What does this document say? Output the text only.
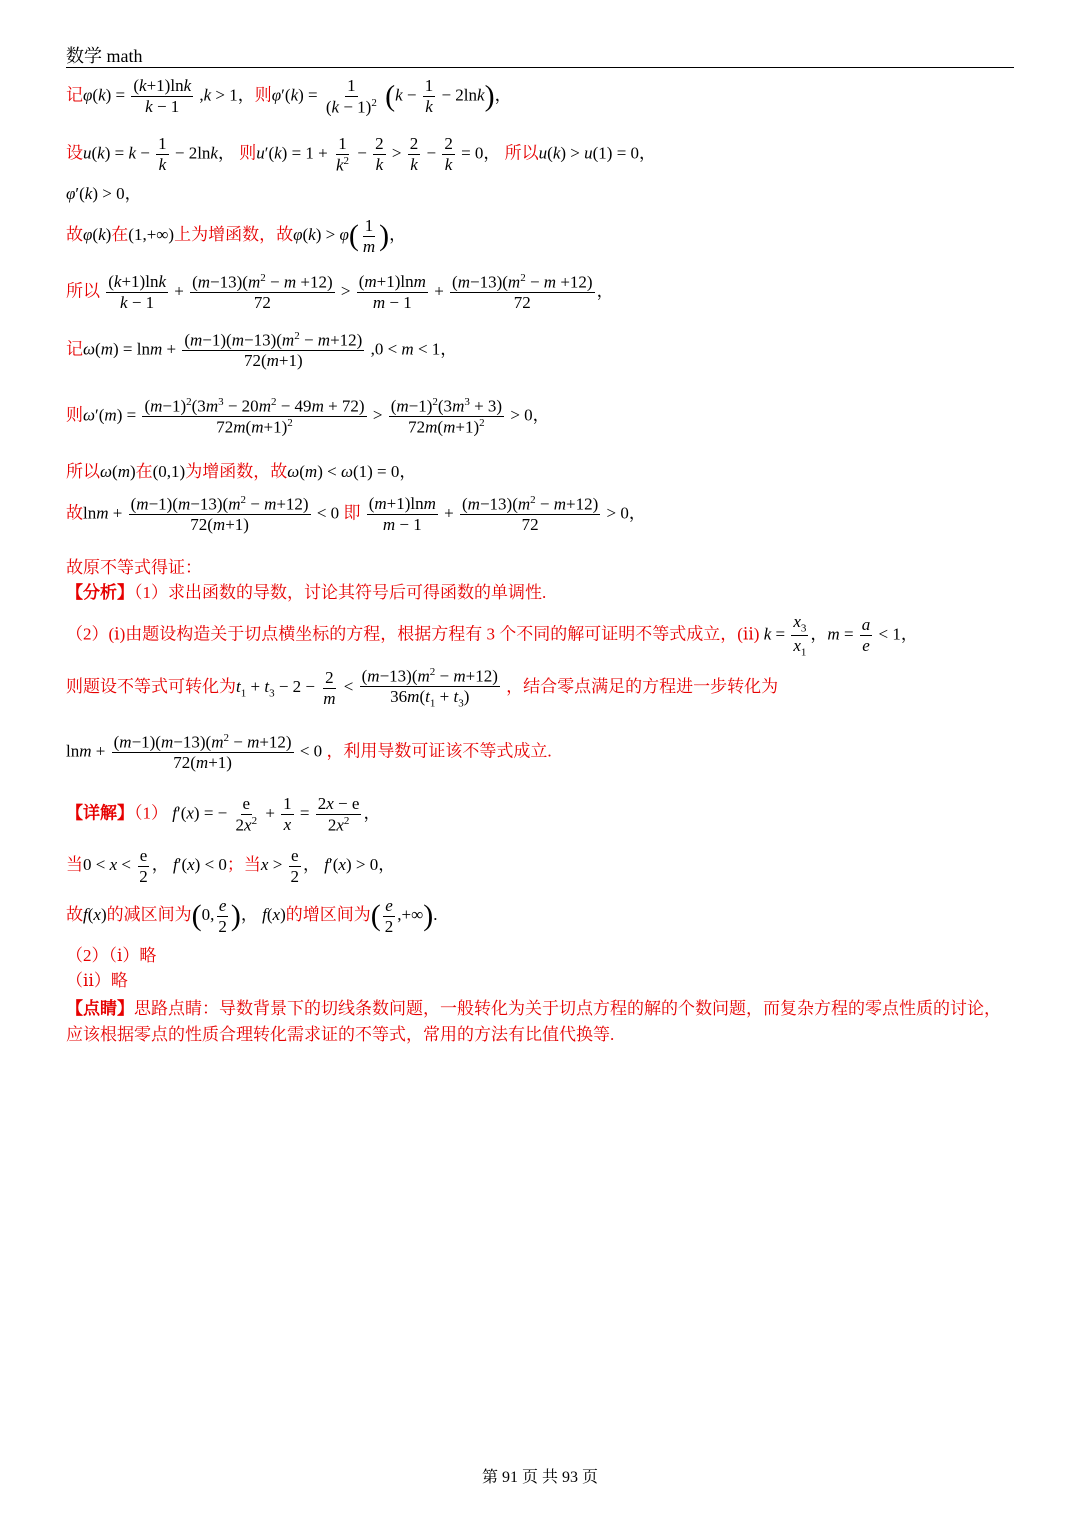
数学 math
记$\varphi(k) = \frac{(k+1)\ln k}{k - 1} ,k > 1$，则$\varphi'(k) = \frac{1}{(k - 1)^2} (k - \frac{1}{k} - 2\ln k)$，
设$u(k) = k - \frac{1}{k} - 2\ln k$， 则$u'(k) = 1 + \frac{1}{k^2} - \frac{2}{k} > \frac{2}{k} - \frac{2}{k} = 0$， 所以u(k) > u(1) = 0，
φ′(k) > 0，
故φ(k)在(1,+∞)上为增函数，故$\varphi(k) > \varphi( \frac{1}{m}$ )，
所以 $\frac{(k+1)\ln k}{k - 1} + \frac{(m-13)(m^2 - m +12)}{72} > \frac{(m+1)\ln m}{m - 1} + \frac{(m-13)(m^2 - m +12)}{72}$ ，
记$\omega(m) = \ln m + \frac{(m-1)(m-13)(m^2 - m+12)}{72(m+1)} ,0 < m < 1$，
则$\omega'(m) = \frac{(m-1)^2(3m^3 - 20m^2 - 49m + 72)}{72m(m+1)^2} > \frac{(m-1)^2(3m^3 + 3)}{72m(m+1)^2} > 0$，
所以ω(m)在(0,1)为增函数，故ω(m) < ω(1) = 0，
故$\ln m + \frac{(m-1)(m-13)(m^2 - m+12)}{72(m+1)} < 0$ 即 $\frac{(m+1)\ln m}{m - 1} + \frac{(m-13)(m^2 - m+12)}{72} > 0$，
故原不等式得证：
【分析】（1）求出函数的导数，讨论其符号后可得函数的单调性.
（2）(ⅰ)由题设构造关于切点横坐标的方程，根据方程有 3 个不同的解可证明不等式成立，(ⅱ) $k = \frac{x_3}{x_1}$ ，$m = \frac{a}{e} < 1$，
则题设不等式可转化为$t_1 + t_3 - 2 - \frac{2}{m} < \frac{(m-13)(m^2 - m+12)}{36m(t_1 + t_3)}$ ，结合零点满足的方程进一步转化为
$\ln m + \frac{(m-1)(m-13)(m^2 - m+12)}{72(m+1)} < 0$ ，利用导数可证该不等式成立.
【详解】（1） f′(x) = − $\frac{e}{2x^2} + \frac{1}{x} = \frac{2x - e}{2x^2}$ ，
当$0 < x < \frac{e}{2}$ ， f′(x) < 0；当$x > \frac{e}{2}$ ， f′(x) > 0，
故f(x)的减区间为(0, $\frac{e}{2}$ )， f(x)的增区间为( $\frac{e}{2}$ ,+∞).
（2）（ⅰ）略
（ⅱ）略
【点睛】思路点睛：导数背景下的切线条数问题，一般转化为关于切点方程的解的个数问题，而复杂方程的零点性质的讨论，应该根据零点的性质合理转化需求证的不等式，常用的方法有比值代换等.
第 91 页 共 93 页
